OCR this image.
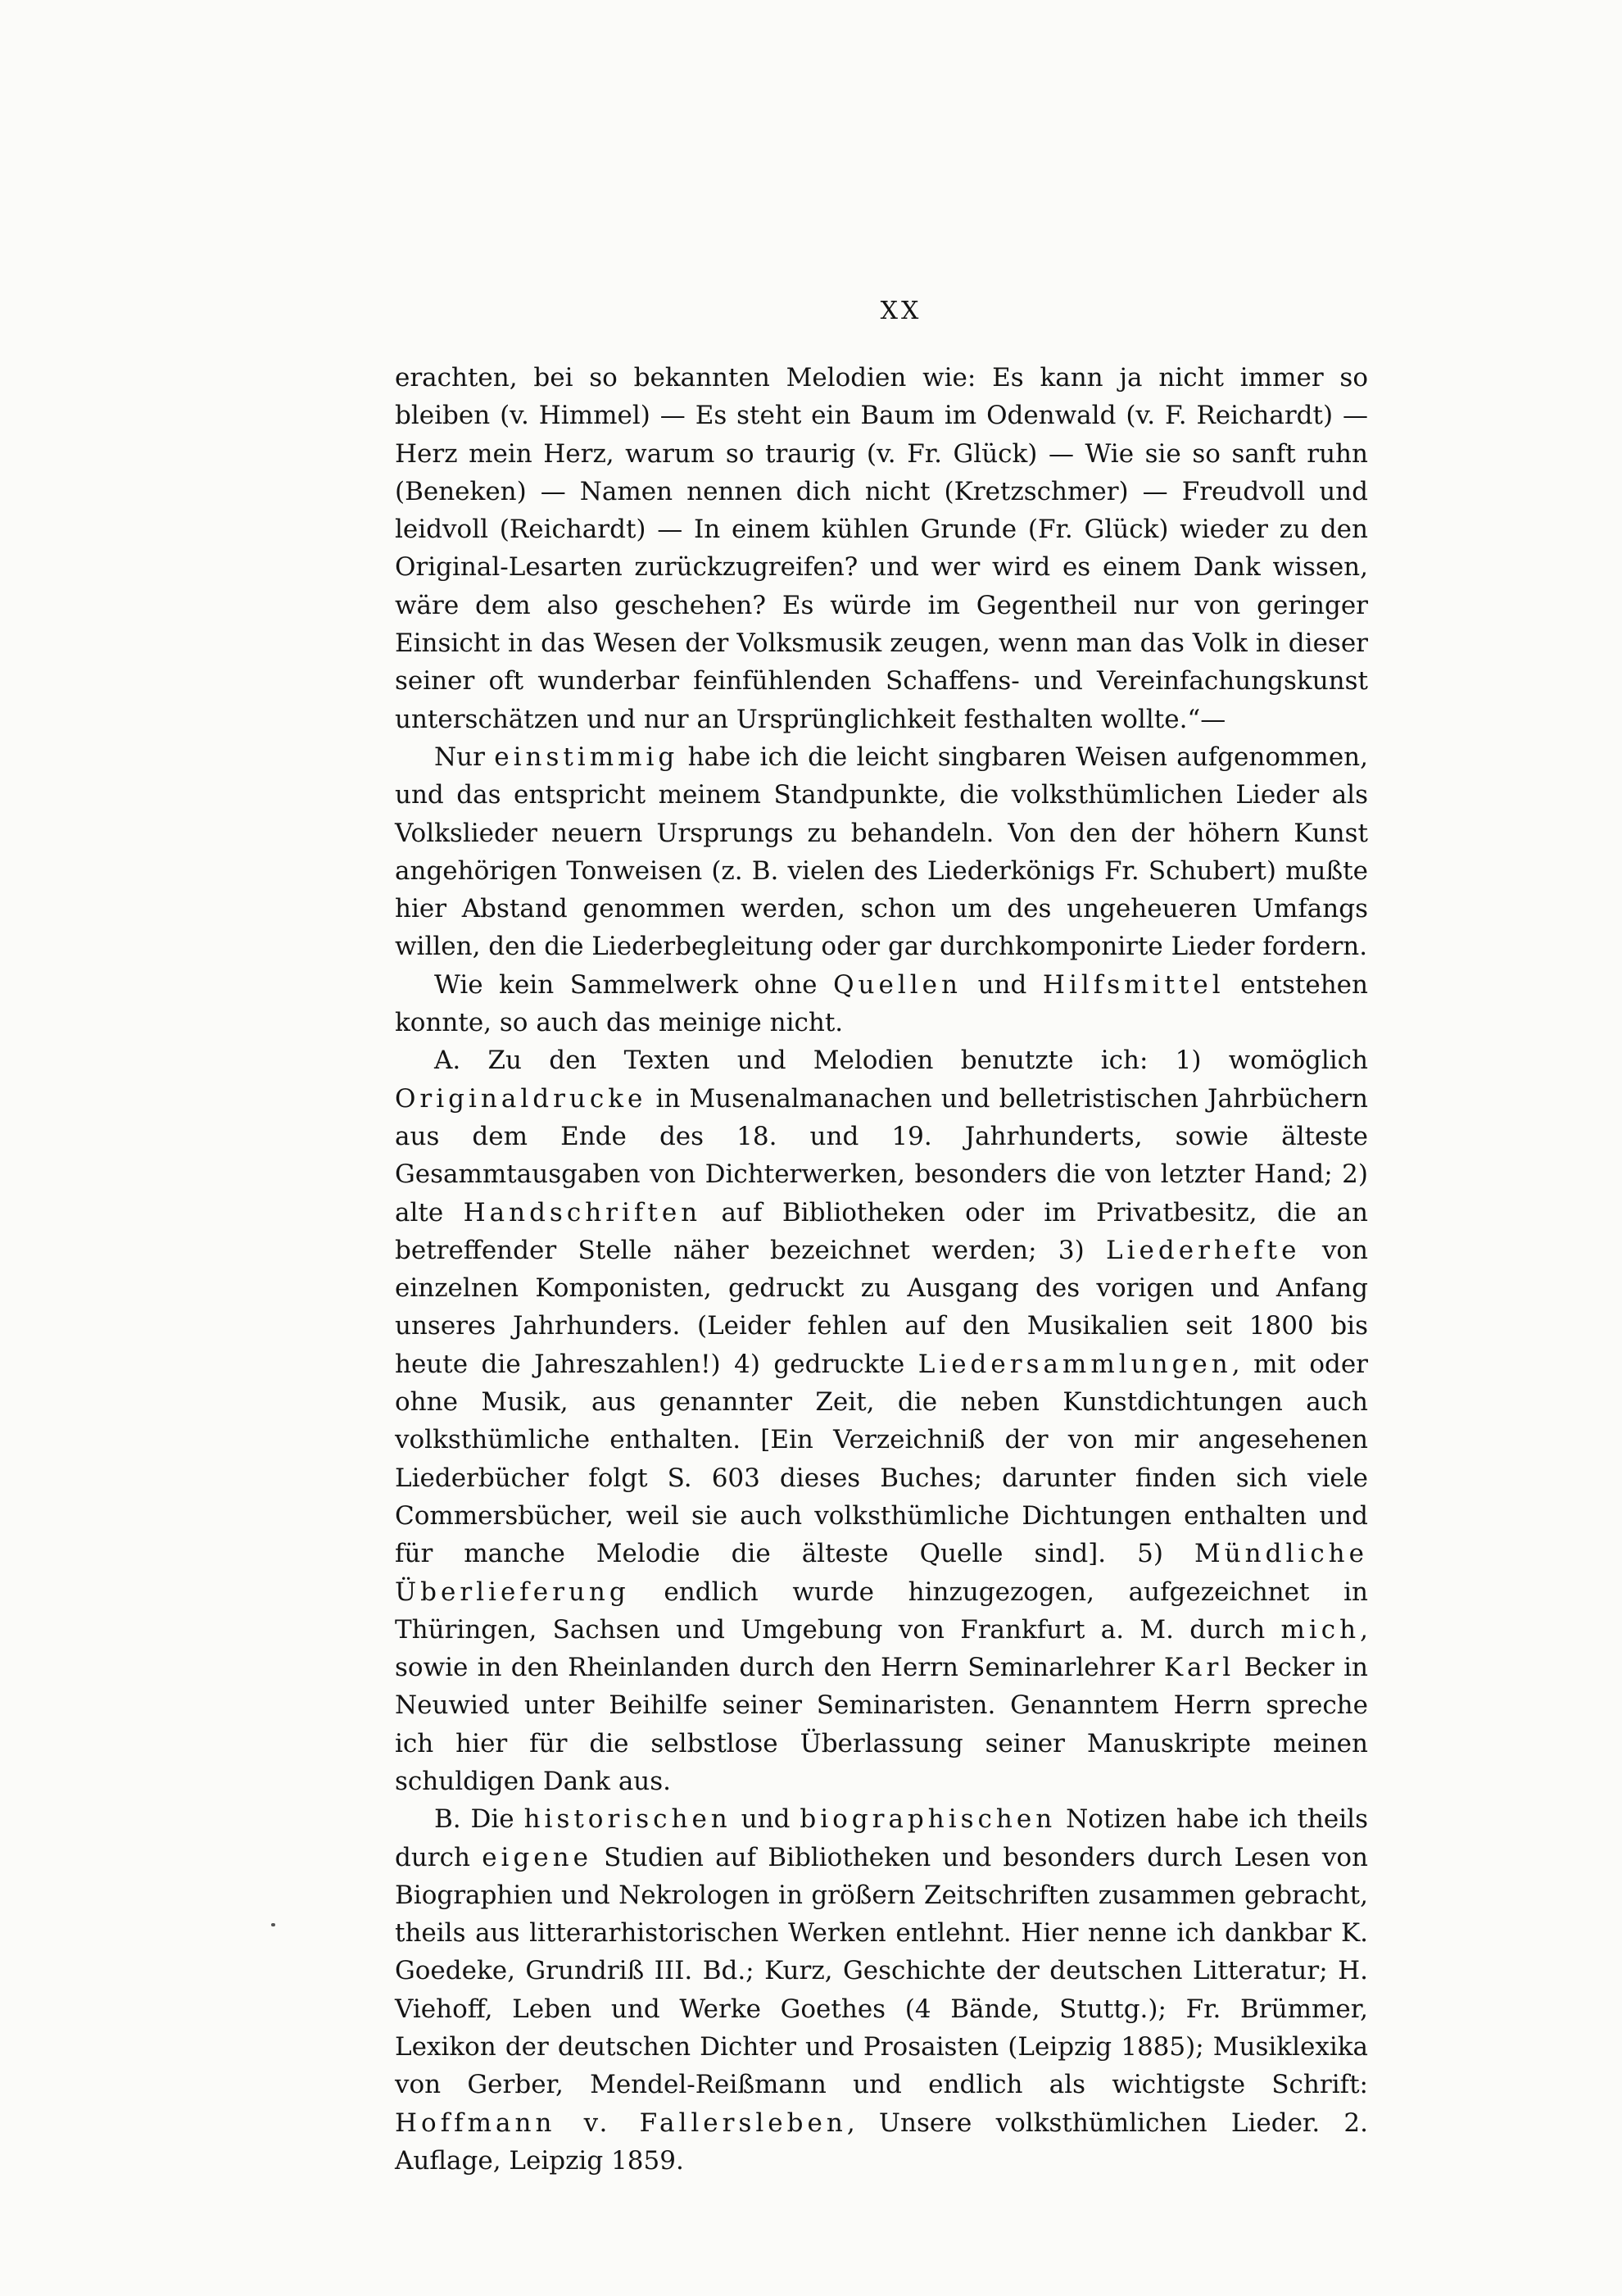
XX

erachten, bei so bekannten Melodien wie: Es kann ja nicht immer so bleiben (v. Himmel) — Es steht ein Baum im Odenwald (v. F. Reichardt) — Herz mein Herz, warum so traurig (v. Fr. Glück) — Wie sie so sanft ruhn (Beneken) — Namen nennen dich nicht (Kretzschmer) — Freudvoll und leidvoll (Reichardt) — In einem kühlen Grunde (Fr. Glück) wieder zu den Original-Lesarten zurückzugreifen? und wer wird es einem Dank wissen, wäre dem also geschehen? Es würde im Gegentheil nur von geringer Einsicht in das Wesen der Volksmusik zeugen, wenn man das Volk in dieser seiner oft wunderbar feinfühlenden Schaffens- und Vereinfachungskunst unterschätzen und nur an Ursprünglichkeit festhalten wollte.“—

Nur einstimmig habe ich die leicht singbaren Weisen aufgenommen, und das entspricht meinem Standpunkte, die volksthümlichen Lieder als Volkslieder neuern Ursprungs zu behandeln. Von den der höhern Kunst angehörigen Tonweisen (z. B. vielen des Liederkönigs Fr. Schubert) mußte hier Abstand genommen werden, schon um des ungeheueren Umfangs willen, den die Liederbegleitung oder gar durchkomponirte Lieder fordern.

Wie kein Sammelwerk ohne Quellen und Hilfsmittel entstehen konnte, so auch das meinige nicht.

A. Zu den Texten und Melodien benutzte ich: 1) womöglich Originaldrucke in Musenalmanachen und belletristischen Jahrbüchern aus dem Ende des 18. und 19. Jahrhunderts, sowie älteste Gesammtausgaben von Dichterwerken, besonders die von letzter Hand; 2) alte Handschriften auf Bibliotheken oder im Privatbesitz, die an betreffender Stelle näher bezeichnet werden; 3) Liederhefte von einzelnen Komponisten, gedruckt zu Ausgang des vorigen und Anfang unseres Jahrhunders. (Leider fehlen auf den Musikalien seit 1800 bis heute die Jahreszahlen!) 4) gedruckte Liedersammlungen, mit oder ohne Musik, aus genannter Zeit, die neben Kunstdichtungen auch volksthümliche enthalten. [Ein Verzeichniß der von mir angesehenen Liederbücher folgt S. 603 dieses Buches; darunter finden sich viele Commersbücher, weil sie auch volksthümliche Dichtungen enthalten und für manche Melodie die älteste Quelle sind]. 5) Mündliche Überlieferung endlich wurde hinzugezogen, aufgezeichnet in Thüringen, Sachsen und Umgebung von Frankfurt a. M. durch mich, sowie in den Rheinlanden durch den Herrn Seminarlehrer Karl Becker in Neuwied unter Beihilfe seiner Seminaristen. Genanntem Herrn spreche ich hier für die selbstlose Überlassung seiner Manuskripte meinen schuldigen Dank aus.

B. Die historischen und biographischen Notizen habe ich theils durch eigene Studien auf Bibliotheken und besonders durch Lesen von Biographien und Nekrologen in größern Zeitschriften zusammen gebracht, theils aus litterarhistorischen Werken entlehnt. Hier nenne ich dankbar K. Goedeke, Grundriß III. Bd.; Kurz, Geschichte der deutschen Litteratur; H. Viehoff, Leben und Werke Goethes (4 Bände, Stuttg.); Fr. Brümmer, Lexikon der deutschen Dichter und Prosaisten (Leipzig 1885); Musiklexika von Gerber, Mendel-Reißmann und endlich als wichtigste Schrift: Hoffmann v. Fallersleben, Unsere volksthümlichen Lieder. 2. Auflage, Leipzig 1859.
